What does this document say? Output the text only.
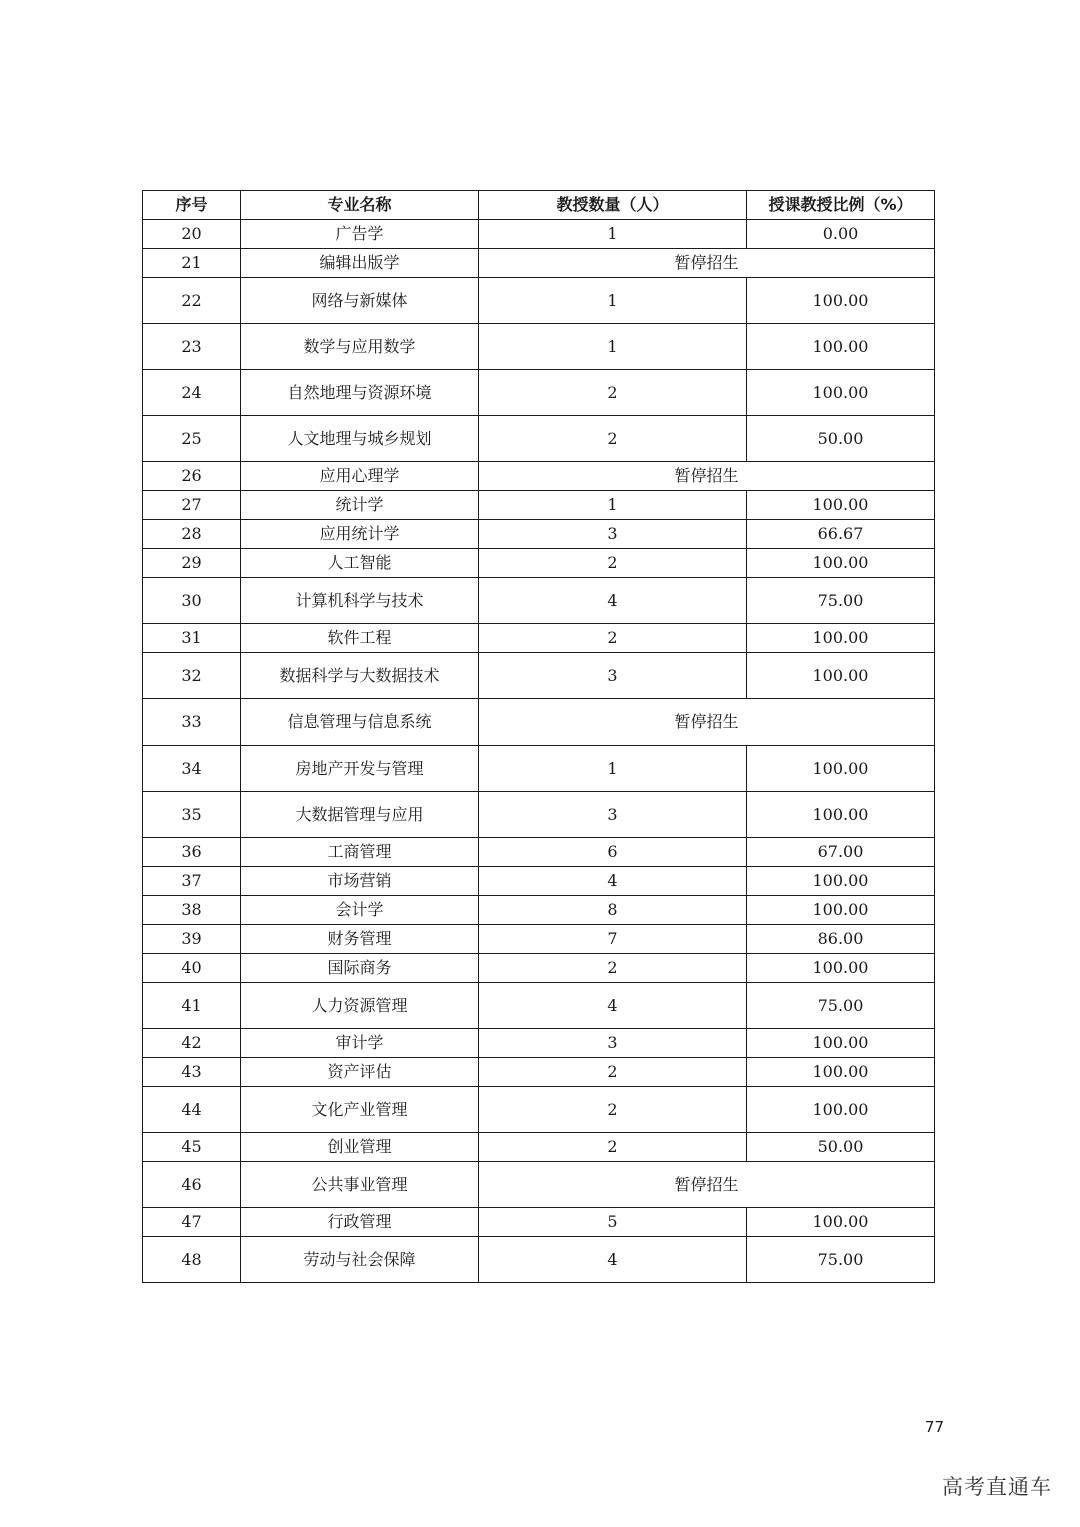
序号	专业名称	教授数量（人）	授课教授比例（%）
20	广告学	1	0.00
21	编辑出版学	暂停招生	
22	网络与新媒体	1	100.00
23	数学与应用数学	1	100.00
24	自然地理与资源环境	2	100.00
25	人文地理与城乡规划	2	50.00
26	应用心理学	暂停招生	
27	统计学	1	100.00
28	应用统计学	3	66.67
29	人工智能	2	100.00
30	计算机科学与技术	4	75.00
31	软件工程	2	100.00
32	数据科学与大数据技术	3	100.00
33	信息管理与信息系统	暂停招生	
34	房地产开发与管理	1	100.00
35	大数据管理与应用	3	100.00
36	工商管理	6	67.00
37	市场营销	4	100.00
38	会计学	8	100.00
39	财务管理	7	86.00
40	国际商务	2	100.00
41	人力资源管理	4	75.00
42	审计学	3	100.00
43	资产评估	2	100.00
44	文化产业管理	2	100.00
45	创业管理	2	50.00
46	公共事业管理	暂停招生	
47	行政管理	5	100.00
48	劳动与社会保障	4	75.00
77
高考直通车
